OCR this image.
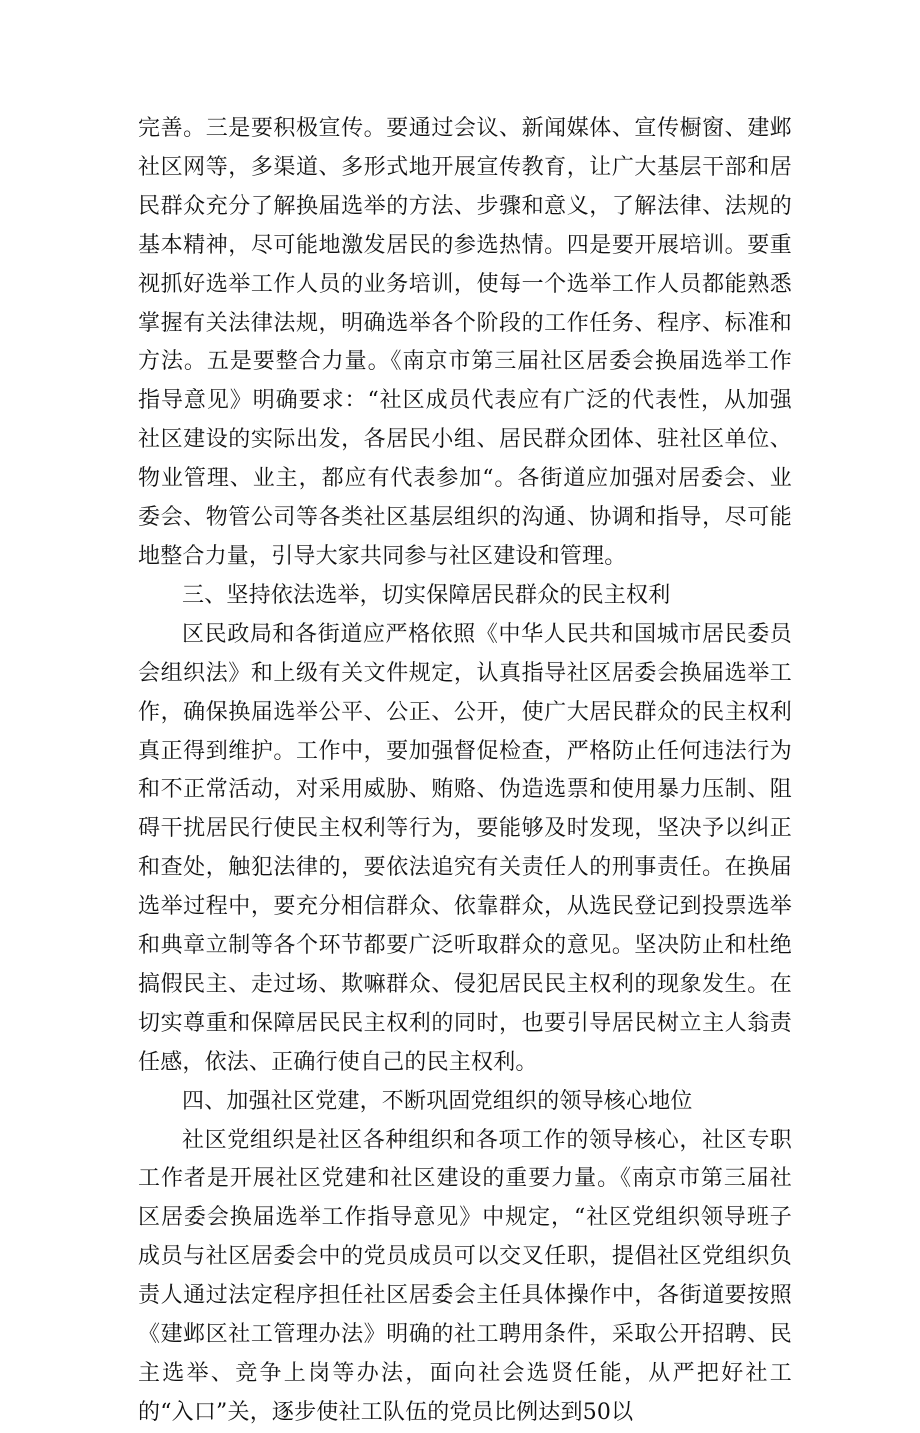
完善。三是要积极宣传。要通过会议、新闻媒体、宣传橱窗、建邺社区网等，多渠道、多形式地开展宣传教育，让广大基层干部和居民群众充分了解换届选举的方法、步骤和意义，了解法律、法规的基本精神，尽可能地激发居民的参选热情。四是要开展培训。要重视抓好选举工作人员的业务培训，使每一个选举工作人员都能熟悉掌握有关法律法规，明确选举各个阶段的工作任务、程序、标准和方法。五是要整合力量。《南京市第三届社区居委会换届选举工作指导意见》明确要求：“社区成员代表应有广泛的代表性，从加强社区建设的实际出发，各居民小组、居民群众团体、驻社区单位、物业管理、业主，都应有代表参加“。各街道应加强对居委会、业委会、物管公司等各类社区基层组织的沟通、协调和指导，尽可能地整合力量，引导大家共同参与社区建设和管理。

三、坚持依法选举，切实保障居民群众的民主权利

区民政局和各街道应严格依照《中华人民共和国城市居民委员会组织法》和上级有关文件规定，认真指导社区居委会换届选举工作，确保换届选举公平、公正、公开，使广大居民群众的民主权利真正得到维护。工作中，要加强督促检查，严格防止任何违法行为和不正常活动，对采用威胁、贿赂、伪造选票和使用暴力压制、阻碍干扰居民行使民主权利等行为，要能够及时发现，坚决予以纠正和查处，触犯法律的，要依法追究有关责任人的刑事责任。在换届选举过程中，要充分相信群众、依靠群众，从选民登记到投票选举和典章立制等各个环节都要广泛听取群众的意见。坚决防止和杜绝搞假民主、走过场、欺嘛群众、侵犯居民民主权利的现象发生。在切实尊重和保障居民民主权利的同时，也要引导居民树立主人翁责任感，依法、正确行使自己的民主权利。

四、加强社区党建，不断巩固党组织的领导核心地位

社区党组织是社区各种组织和各项工作的领导核心，社区专职工作者是开展社区党建和社区建设的重要力量。《南京市第三届社区居委会换届选举工作指导意见》中规定，“社区党组织领导班子成员与社区居委会中的党员成员可以交叉任职，提倡社区党组织负责人通过法定程序担任社区居委会主任具体操作中，各街道要按照《建邺区社工管理办法》明确的社工聘用条件，采取公开招聘、民主选举、竞争上岗等办法，面向社会选贤任能，从严把好社工的“入口”关，逐步使社工队伍的党员比例达到50以
